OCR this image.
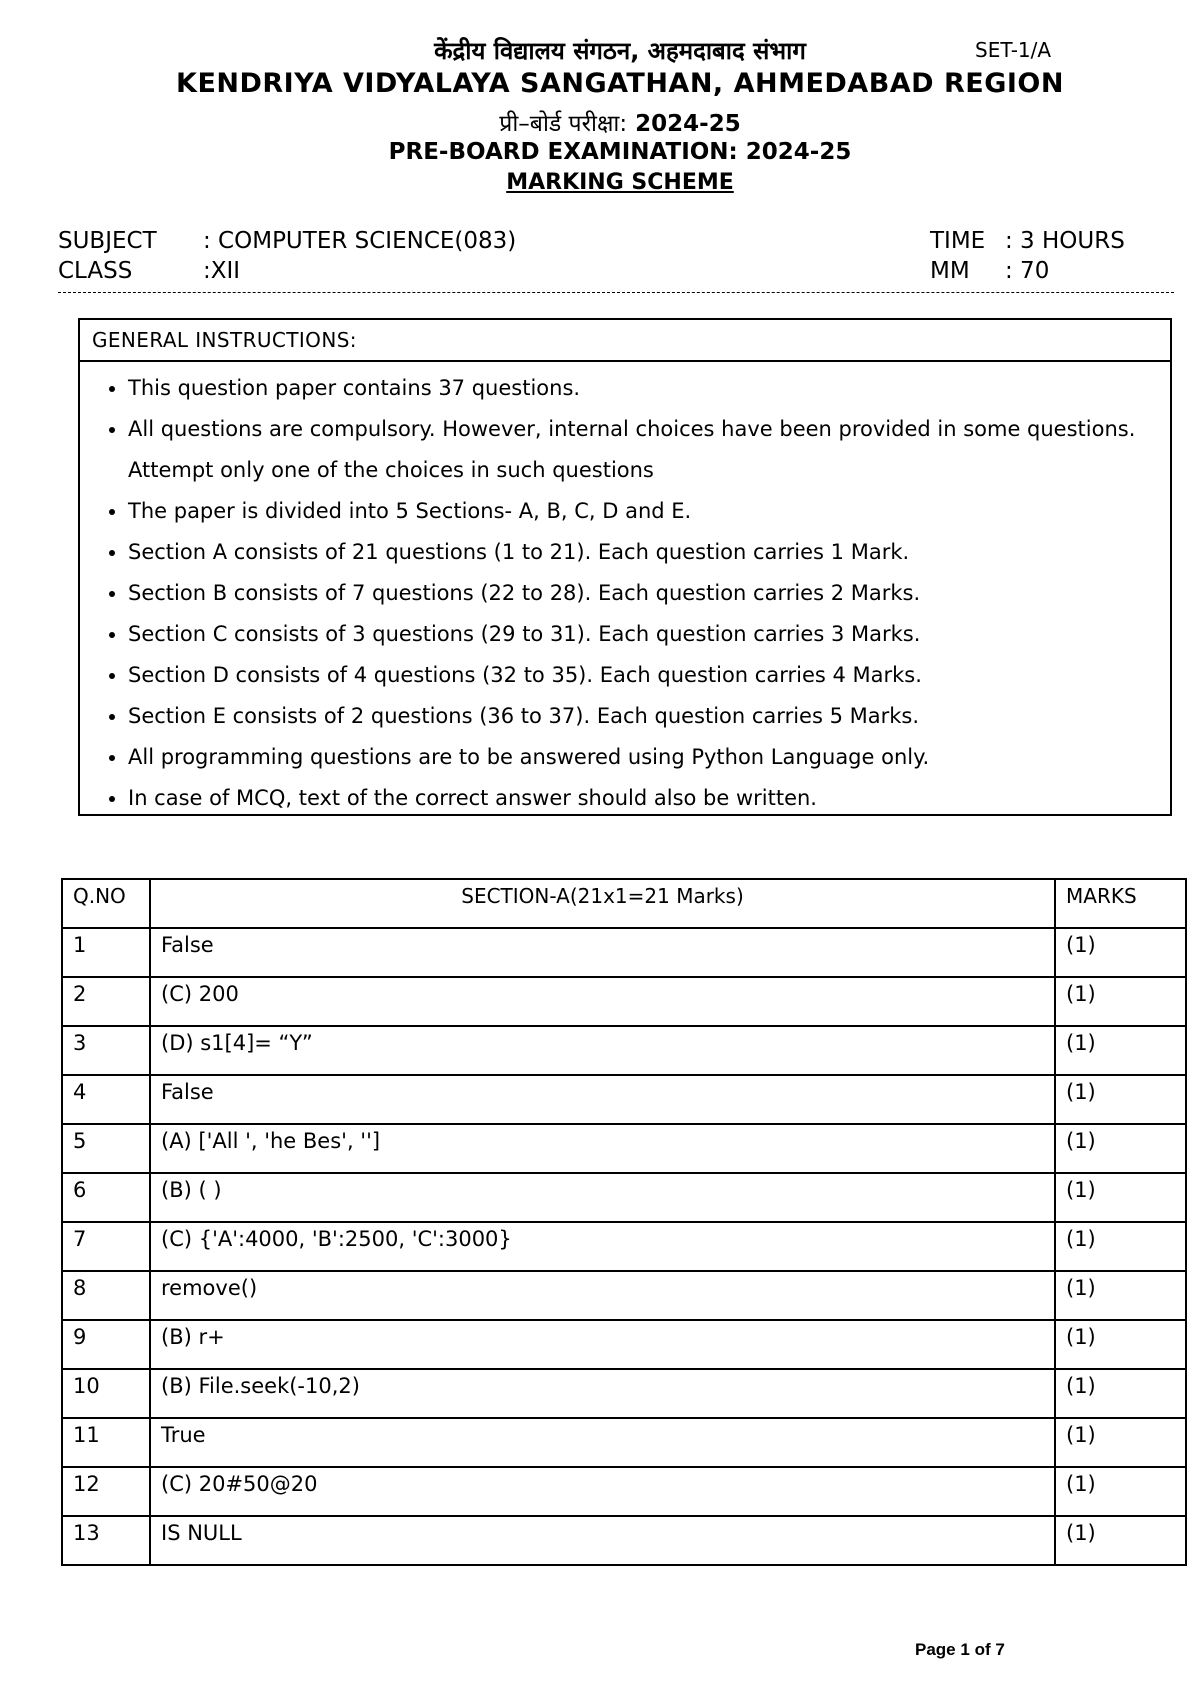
केंद्रीय विद्यालय संगठन, अहमदाबाद संभाग	SET-1/A
KENDRIYA VIDYALAYA SANGATHAN, AHMEDABAD REGION
प्री–बोर्ड परीक्षा: 2024-25
PRE-BOARD EXAMINATION: 2024-25
MARKING SCHEME
SUBJECT : COMPUTER SCIENCE(083)
CLASS	:XII
TIME : 3 HOURS
MM : 70
GENERAL INSTRUCTIONS:
• This question paper contains 37 questions.
• All questions are compulsory. However, internal choices have been provided in some questions. Attempt only one of the choices in such questions
• The paper is divided into 5 Sections- A, B, C, D and E.
• Section A consists of 21 questions (1 to 21). Each question carries 1 Mark.
• Section B consists of 7 questions (22 to 28). Each question carries 2 Marks.
• Section C consists of 3 questions (29 to 31). Each question carries 3 Marks.
• Section D consists of 4 questions (32 to 35). Each question carries 4 Marks.
• Section E consists of 2 questions (36 to 37). Each question carries 5 Marks.
• All programming questions are to be answered using Python Language only.
• In case of MCQ, text of the correct answer should also be written.
Q.NO	SECTION-A(21x1=21 Marks)	MARKS
1	False	(1)
2	(C) 200	(1)
3	(D) s1[4]= “Y”	(1)
4	False	(1)
5	(A) ['All ', 'he Bes', '']	(1)
6	(B) ( )	(1)
7	(C) {'A':4000, 'B':2500, 'C':3000}	(1)
8	remove()	(1)
9	(B) r+	(1)
10	(B) File.seek(-10,2)	(1)
11	True	(1)
12	(C) 20#50@20	(1)
13	IS NULL	(1)
Page 1 of 7
